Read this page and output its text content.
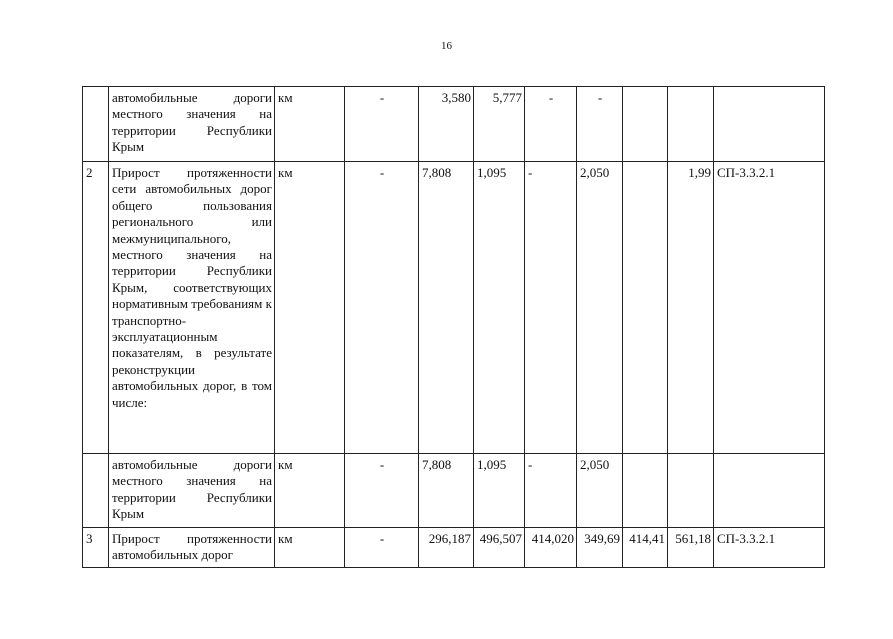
16
	автомобильные дороги местного значения на территории Республики Крым	км	-	3,580	5,777	-	-			
2	Прирост протяженности сети автомобильных дорог общего пользования регионального или межмуниципального, местного значения на территории Республики Крым, соответствующих нормативным требованиям к транспортно-эксплуатационным показателям, в результате реконструкции автомобильных дорог, в том числе:	км	-	7,808	1,095	-	2,050		1,99	СП-3.3.2.1
	автомобильные дороги местного значения на территории Республики Крым	км	-	7,808	1,095	-	2,050			
3	Прирост протяженности автомобильных дорог	км	-	296,187	496,507	414,020	349,69	414,41	561,18	СП-3.3.2.1
